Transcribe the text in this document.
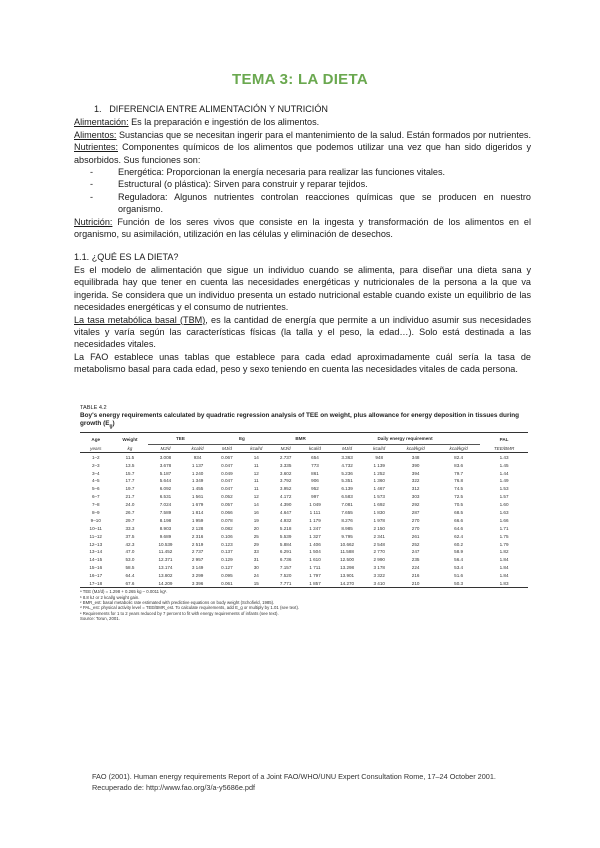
TEMA 3: LA DIETA

1. DIFERENCIA ENTRE ALIMENTACIÓN Y NUTRICIÓN

Alimentación: Es la preparación e ingestión de los alimentos.

Alimentos: Sustancias que se necesitan ingerir para el mantenimiento de la salud. Están formados por nutrientes.

Nutrientes: Componentes químicos de los alimentos que podemos utilizar una vez que han sido digeridos y absorbidos. Sus funciones son:

- Energética: Proporcionan la energía necesaria para realizar las funciones vitales.
- Estructural (o plástica): Sirven para construir y reparar tejidos.
- Reguladora: Algunos nutrientes controlan reacciones químicas que se producen en nuestro organismo.

Nutrición: Función de los seres vivos que consiste en la ingesta y transformación de los alimentos en el organismo, su asimilación, utilización en las células y eliminación de desechos.

1.1. ¿QUÉ ES LA DIETA?

Es el modelo de alimentación que sigue un individuo cuando se alimenta, para diseñar una dieta sana y equilibrada hay que tener en cuenta las necesidades energéticas y nutricionales de la persona a la que va ingerida. Se considera que un individuo presenta un estado nutricional estable cuando existe un equilibrio de las necesidades energéticas y el consumo de nutrientes.

La tasa metabólica basal (TBM), es la cantidad de energía que permite a un individuo asumir sus necesidades vitales y varía según las características físicas (la talla y el peso, la edad…). Solo está destinada a las necesidades vitales.

La FAO establece unas tablas que establece para cada edad aproximadamente cuál sería la tasa de metabolismo basal para cada edad, peso y sexo teniendo en cuenta las necesidades vitales de cada persona.

TABLE 4.2
Boy's energy requirements calculated by quadratic regression analysis of TEE on weight, plus allowance for energy deposition in tissues during growth $(E_g)$
Age	Weight	TEE		Eg		BMR		Daily energy requirement				PAL
years	kg	MJ/d	kcal/d	MJ/d	kcal/d	MJ/d	kcal/d	MJ/d	kcal/d	kcal/kg/d	kcal/kg/d	TEE/BMR
1–2	11.5	3.008	934	0.067	14	2.737	654	3.363	948	348	82.4	1.43
2–3	13.5	3.678	1 137	0.047	11	3.335	773	4.732	1 139	390	83.6	1.45
3–4	15.7	5.187	1 240	0.049	12	3.602	861	5.236	1 252	394	79.7	1.44
4–5	17.7	5.644	1 349	0.047	11	3.792	906	5.351	1 360	322	76.8	1.49
5–6	19.7	6.092	1 455	0.047	11	3.952	952	6.139	1 467	312	74.5	1.53
6–7	21.7	6.531	1 561	0.052	12	4.172	997	6.583	1 573	303	72.5	1.57
7–8	24.0	7.024	1 679	0.057	14	4.390	1 049	7.081	1 692	292	70.5	1.60
8–9	26.7	7.589	1 814	0.066	16	4.647	1 111	7.655	1 830	287	68.5	1.63
9–10	29.7	8.198	1 959	0.078	19	4.932	1 179	8.276	1 978	270	66.6	1.66
10–11	33.3	8.903	2 128	0.082	20	5.218	1 247	8.985	2 150	270	64.6	1.71
11–12	37.5	9.689	2 316	0.106	25	5.539	1 327	9.795	2 341	261	62.4	1.75
12–13	42.3	10.539	2 519	0.123	29	5.884	1 406	10.662	2 548	252	60.2	1.79
13–14	47.0	11.452	2 737	0.137	33	6.291	1 504	11.588	2 770	247	58.9	1.82
14–15	53.0	12.371	2 957	0.129	31	6.736	1 610	12.500	2 990	235	56.4	1.84
15–16	58.5	13.174	3 149	0.127	30	7.157	1 711	13.298	3 178	224	53.4	1.84
16–17	64.4	13.802	3 299	0.095	24	7.520	1 797	13.901	3 322	216	51.6	1.84
17–18	67.6	14.209	3 396	0.061	15	7.771	1 857	14.270	3 410	210	50.3	1.83
ᵃ TEE (MJ/d) = 1.298 + 0.265 kg – 0.0011 kg².
ᵇ 8.8 kJ or 2 kcal/g weight gain.
ᶜ BMR_est: basal metabolic rate estimated with predictive equations on body weight (Schofield, 1985).
ᵈ PAL_est: physical activity level = TEE/BMR_est. To calculate requirements, add E_g or multiply by 1.01 (see text).
ᵉ Requirements for 1 to 2 years reduced by 7 percent to fit with energy requirements of infants (see text).
Source: Torun, 2001.
FAO (2001). Human energy requirements Report of a Joint FAO/WHO/UNU Expert Consultation Rome, 17–24 October 2001.
Recuperado de: http://www.fao.org/3/a-y5686e.pdf
